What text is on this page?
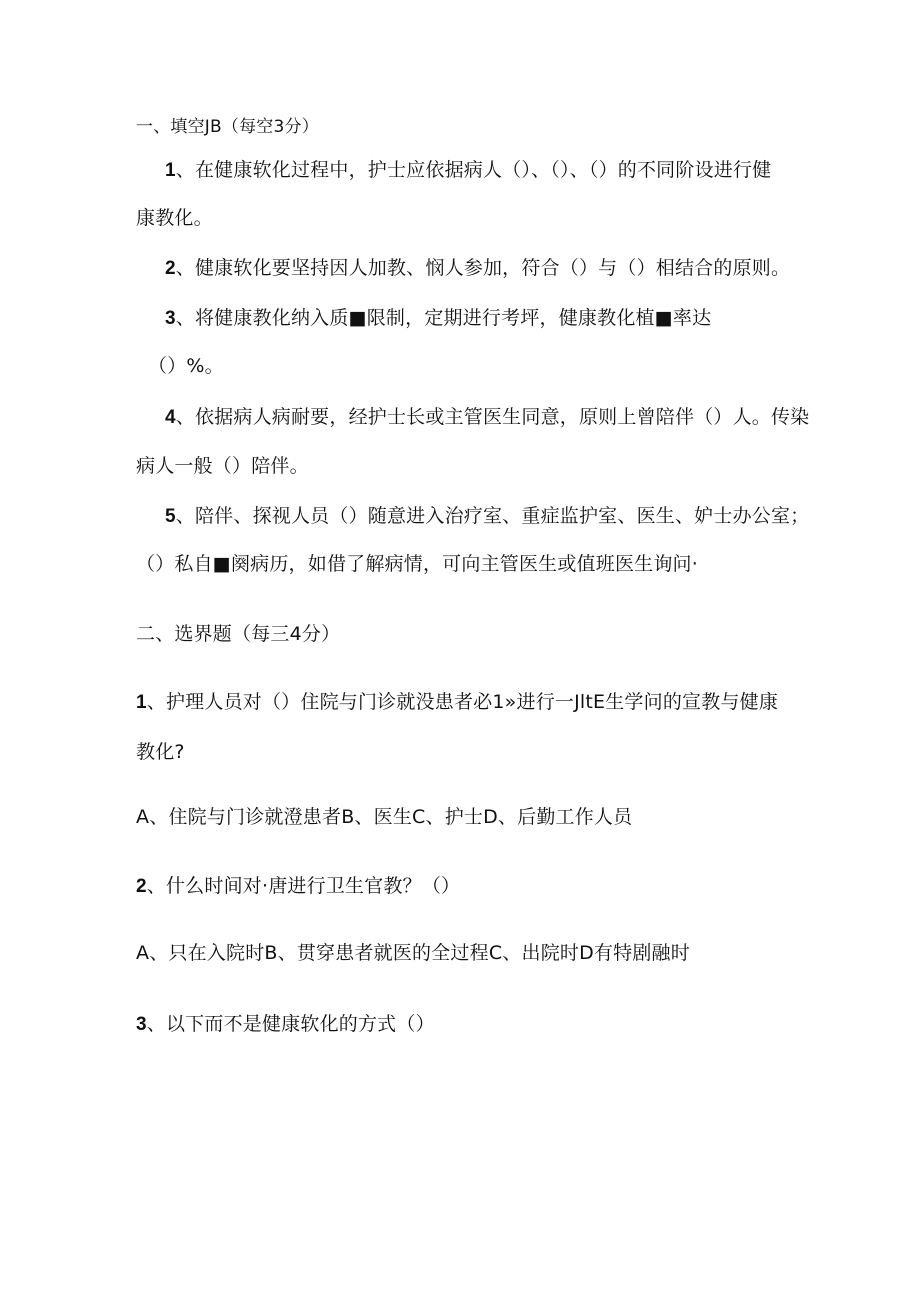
一、填空JB（每空3分）
1、在健康软化过程中，护士应依据病人（）、（）、（）的不同阶设进行健
康教化。
2、健康软化要坚持因人加教、悯人参加，符合（）与（）相结合的原则。
3、将健康教化纳入质■限制，定期进行考坪，健康教化植■率达
（）%。
4、依据病人病耐要，经护士长或主管医生同意，原则上曾陪伴（）人。传染
病人一般（）陪伴。
5、陪伴、探视人员（）随意进入治疗室、重症监护室、医生、妒士办公室；
（）私自■阕病历，如借了解病情，可向主管医生或值班医生询问·
二、选界题（每三4分）
1、护理人员对（）住院与门诊就没患者必1»进行一JltE生学问的宣教与健康
教化?
A、住院与门诊就澄患者B、医生C、护士D、后勤工作人员
2、什么时间对·唐进行卫生官教？（）
A、只在入院时B、贯穿患者就医的全过程C、出院时D有特剧融时
3、以下而不是健康软化的方式（）
